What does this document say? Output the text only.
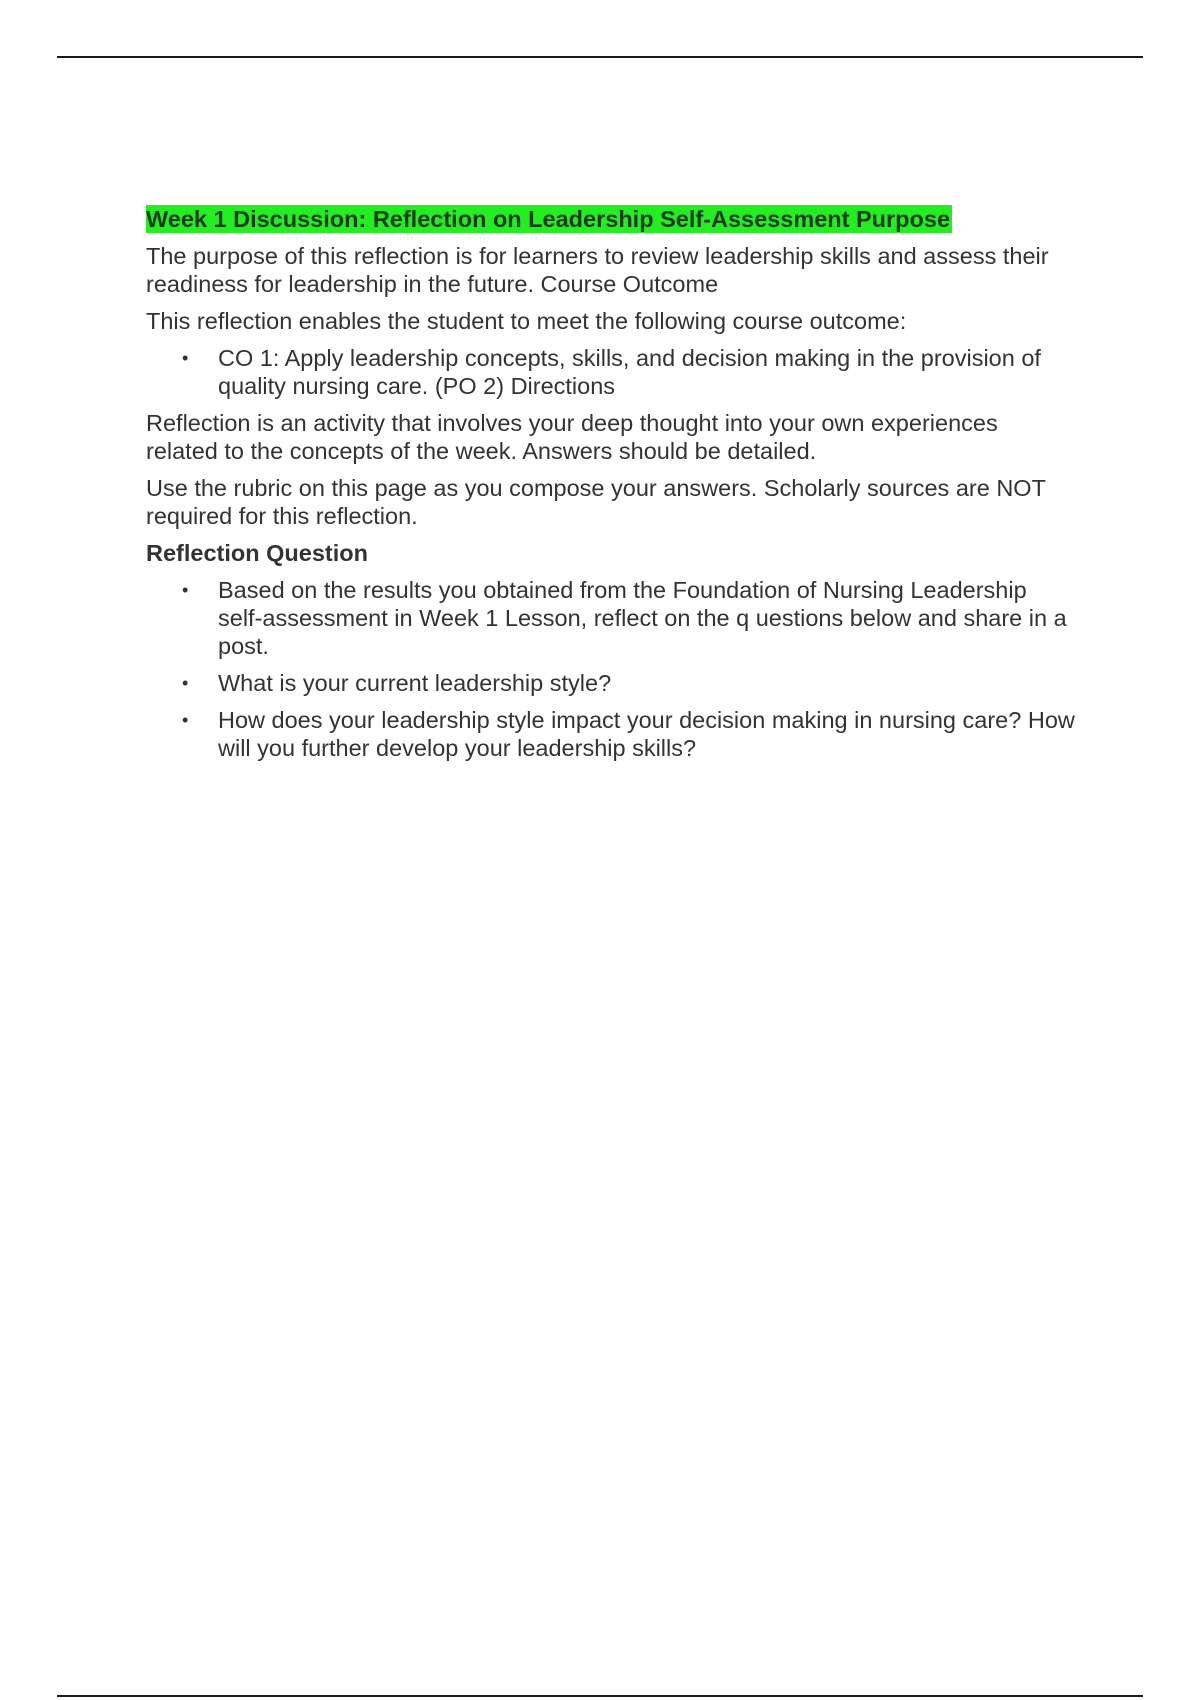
Week 1 Discussion: Reflection on Leadership Self-Assessment Purpose

The purpose of this reflection is for learners to review leadership skills and assess their readiness for leadership in the future. Course Outcome

This reflection enables the student to meet the following course outcome:

• CO 1: Apply leadership concepts, skills, and decision making in the provision of quality nursing care. (PO 2) Directions

Reflection is an activity that involves your deep thought into your own experiences related to the concepts of the week. Answers should be detailed.

Use the rubric on this page as you compose your answers. Scholarly sources are NOT required for this reflection.

Reflection Question
• Based on the results you obtained from the Foundation of Nursing Leadership self-assessment in Week 1 Lesson, reflect on the q uestions below and share in a post.
• What is your current leadership style?
• How does your leadership style impact your decision making in nursing care? How will you further develop your leadership skills?
